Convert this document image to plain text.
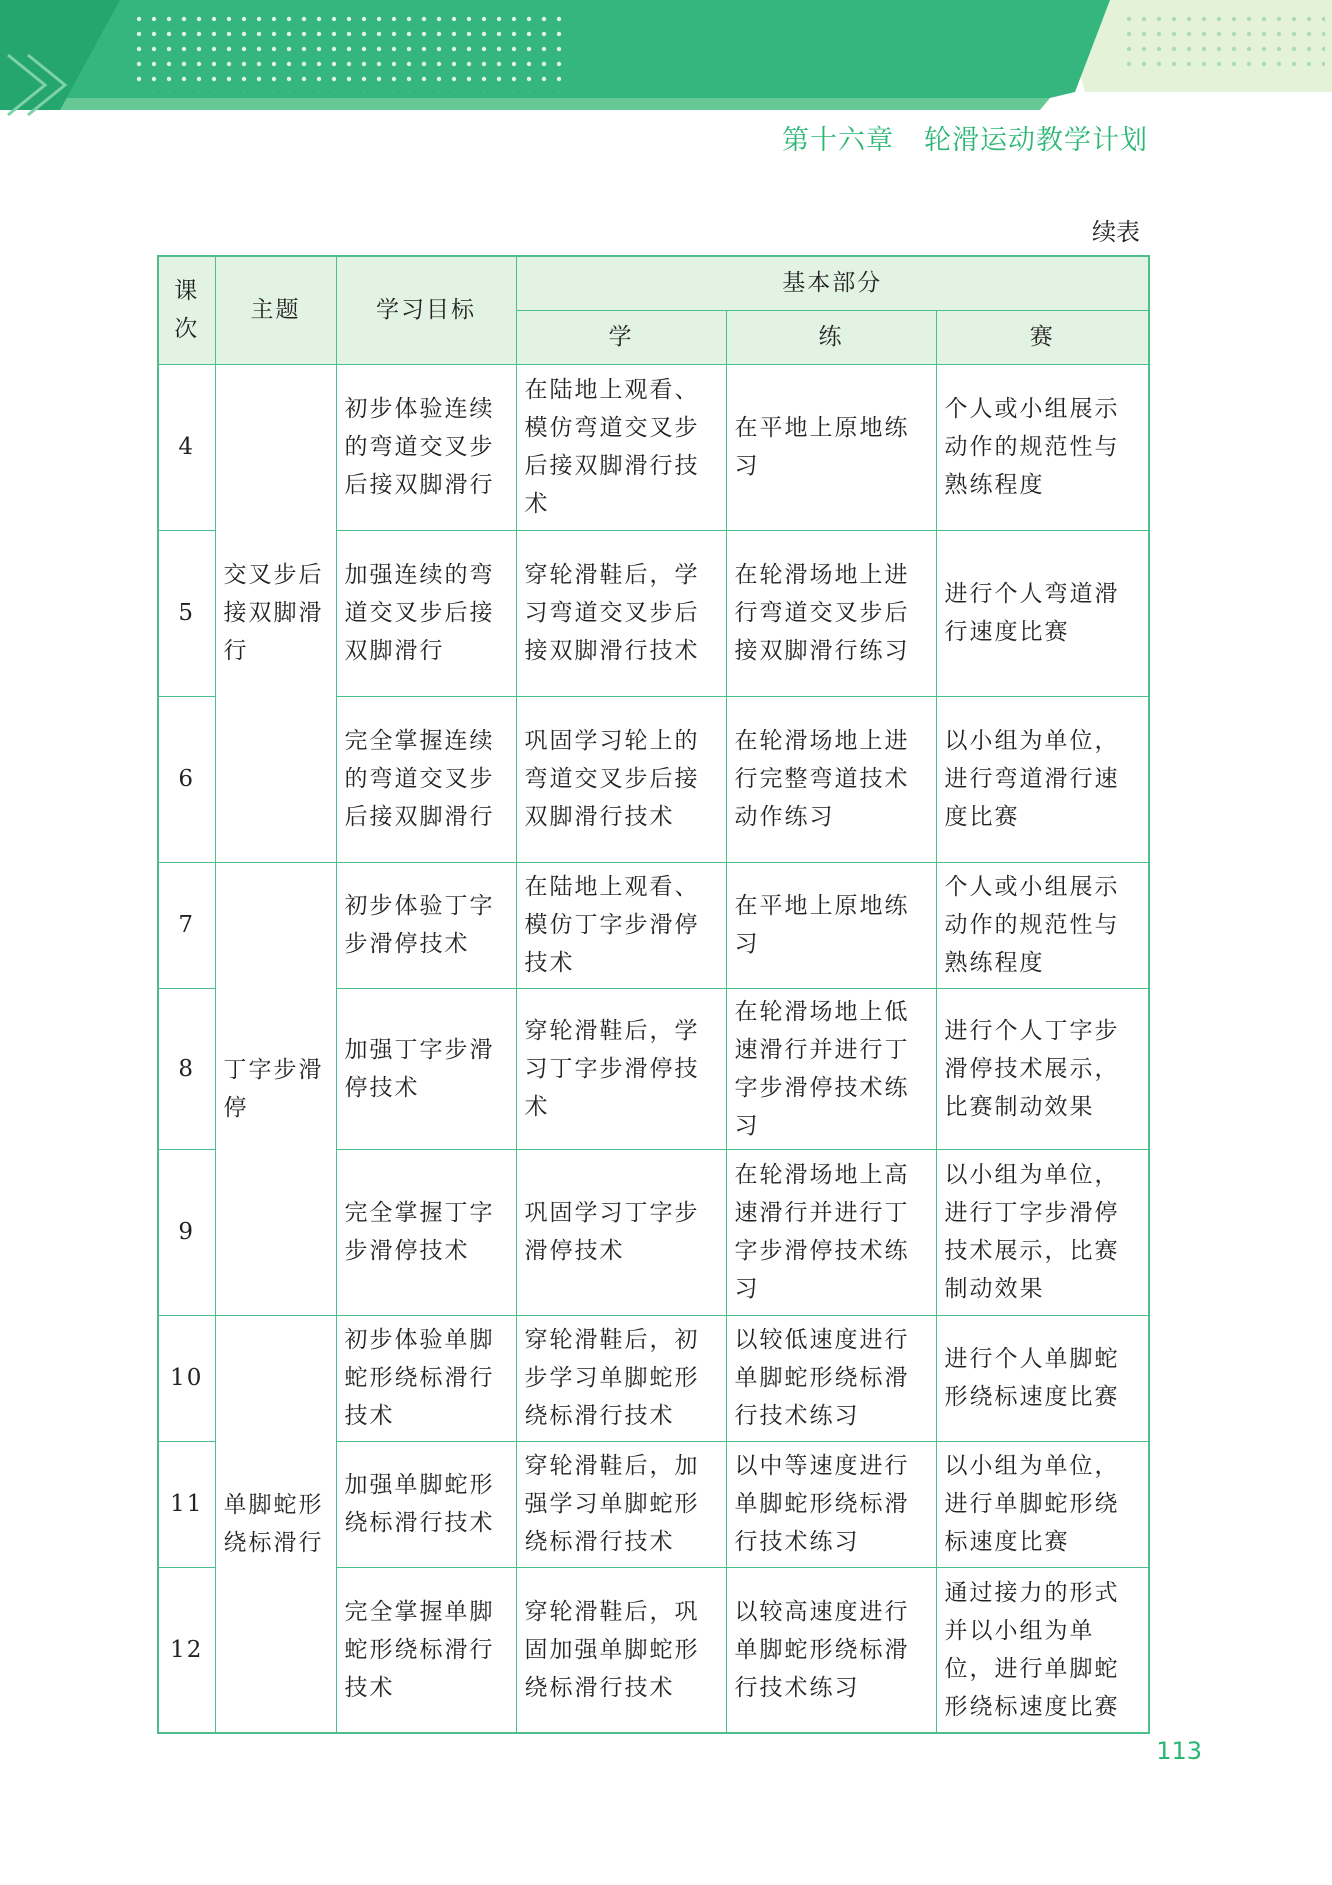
第十六章 轮滑运动教学计划
续表
课次	主题	学习目标	基本部分		
			学	练	赛
4	交叉步后接双脚滑行	初步体验连续的弯道交叉步后接双脚滑行	在陆地上观看、模仿弯道交叉步后接双脚滑行技术	在平地上原地练习	个人或小组展示动作的规范性与熟练程度
5		加强连续的弯道交叉步后接双脚滑行	穿轮滑鞋后，学习弯道交叉步后接双脚滑行技术	在轮滑场地上进行弯道交叉步后接双脚滑行练习	进行个人弯道滑行速度比赛
6		完全掌握连续的弯道交叉步后接双脚滑行	巩固学习轮上的弯道交叉步后接双脚滑行技术	在轮滑场地上进行完整弯道技术动作练习	以小组为单位，进行弯道滑行速度比赛
7	丁字步滑停	初步体验丁字步滑停技术	在陆地上观看、模仿丁字步滑停技术	在平地上原地练习	个人或小组展示动作的规范性与熟练程度
8		加强丁字步滑停技术	穿轮滑鞋后，学习丁字步滑停技术	在轮滑场地上低速滑行并进行丁字步滑停技术练习	进行个人丁字步滑停技术展示，比赛制动效果
9		完全掌握丁字步滑停技术	巩固学习丁字步滑停技术	在轮滑场地上高速滑行并进行丁字步滑停技术练习	以小组为单位，进行丁字步滑停技术展示，比赛制动效果
10	单脚蛇形绕标滑行	初步体验单脚蛇形绕标滑行技术	穿轮滑鞋后，初步学习单脚蛇形绕标滑行技术	以较低速度进行单脚蛇形绕标滑行技术练习	进行个人单脚蛇形绕标速度比赛
11		加强单脚蛇形绕标滑行技术	穿轮滑鞋后，加强学习单脚蛇形绕标滑行技术	以中等速度进行单脚蛇形绕标滑行技术练习	以小组为单位，进行单脚蛇形绕标速度比赛
12		完全掌握单脚蛇形绕标滑行技术	穿轮滑鞋后，巩固加强单脚蛇形绕标滑行技术	以较高速度进行单脚蛇形绕标滑行技术练习	通过接力的形式并以小组为单位，进行单脚蛇形绕标速度比赛
113
